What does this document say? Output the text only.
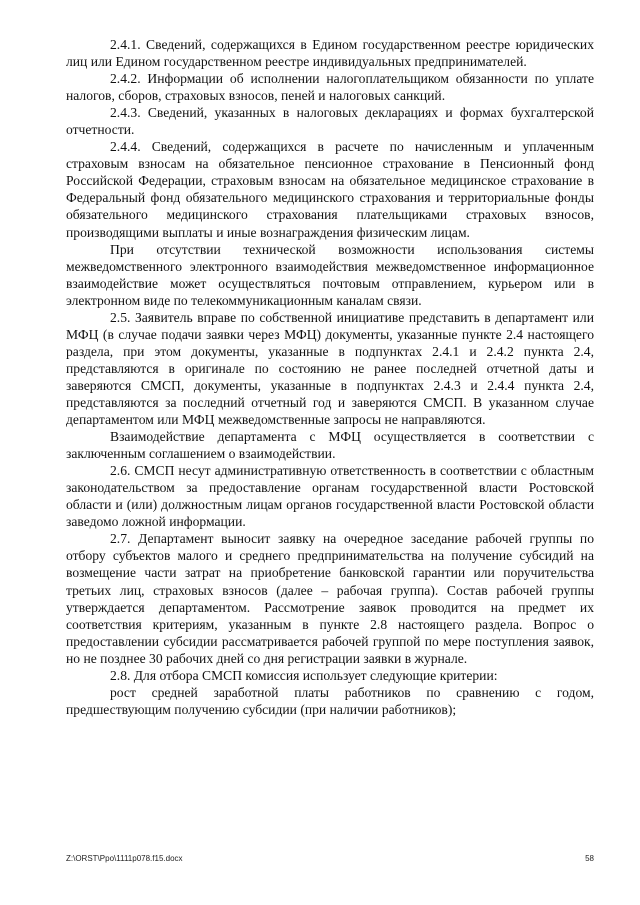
2.4.1. Сведений, содержащихся в Едином государственном реестре юридических лиц или Едином государственном реестре индивидуальных предпринимателей.

2.4.2. Информации об исполнении налогоплательщиком обязанности по уплате налогов, сборов, страховых взносов, пеней и налоговых санкций.

2.4.3. Сведений, указанных в налоговых декларациях и формах бухгалтерской отчетности.

2.4.4. Сведений, содержащихся в расчете по начисленным и уплаченным страховым взносам на обязательное пенсионное страхование в Пенсионный фонд Российской Федерации, страховым взносам на обязательное медицинское страхование в Федеральный фонд обязательного медицинского страхования и территориальные фонды обязательного медицинского страхования плательщиками страховых взносов, производящими выплаты и иные вознаграждения физическим лицам.

При отсутствии технической возможности использования системы межведомственного электронного взаимодействия межведомственное информационное взаимодействие может осуществляться почтовым отправлением, курьером или в электронном виде по телекоммуникационным каналам связи.

2.5. Заявитель вправе по собственной инициативе представить в департамент или МФЦ (в случае подачи заявки через МФЦ) документы, указанные пункте 2.4 настоящего раздела, при этом документы, указанные в подпунктах 2.4.1 и 2.4.2 пункта 2.4, представляются в оригинале по состоянию не ранее последней отчетной даты и заверяются СМСП, документы, указанные в подпунктах 2.4.3 и 2.4.4 пункта 2.4, представляются за последний отчетный год и заверяются СМСП. В указанном случае департаментом или МФЦ межведомственные запросы не направляются.

Взаимодействие департамента с МФЦ осуществляется в соответствии с заключенным соглашением о взаимодействии.

2.6. СМСП несут административную ответственность в соответствии с областным законодательством за предоставление органам государственной власти Ростовской области и (или) должностным лицам органов государственной власти Ростовской области заведомо ложной информации.

2.7. Департамент выносит заявку на очередное заседание рабочей группы по отбору субъектов малого и среднего предпринимательства на получение субсидий на возмещение части затрат на приобретение банковской гарантии или поручительства третьих лиц, страховых взносов (далее – рабочая группа). Состав рабочей группы утверждается департаментом. Рассмотрение заявок проводится на предмет их соответствия критериям, указанным в пункте 2.8 настоящего раздела. Вопрос о предоставлении субсидии рассматривается рабочей группой по мере поступления заявок, но не позднее 30 рабочих дней со дня регистрации заявки в журнале.

2.8. Для отбора СМСП комиссия использует следующие критерии:

рост средней заработной платы работников по сравнению с годом, предшествующим получению субсидии (при наличии работников);

Z:\ORST\Ppo\1111p078.f15.docx	58
